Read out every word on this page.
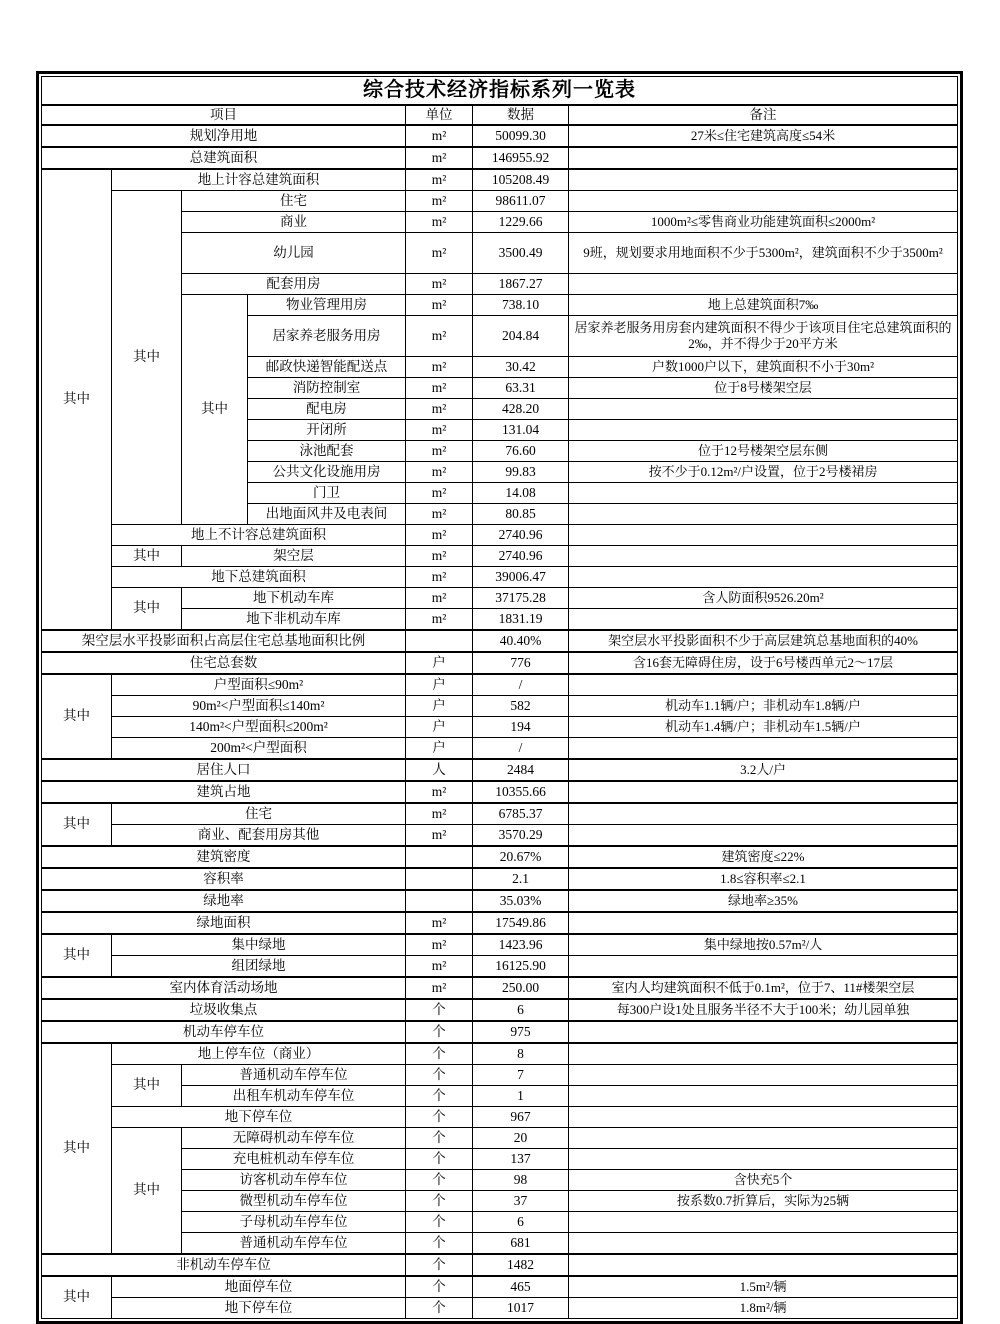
综合技术经济指标系列一览表						
项目				单位	数据	备注
规划净用地				m²	50099.30	27米≤住宅建筑高度≤54米
总建筑面积				m²	146955.92	
其中	地上计容总建筑面积			m²	105208.49	
	其中	住宅		m²	98611.07	
		商业		m²	1229.66	1000m²≤零售商业功能建筑面积≤2000m²
		幼儿园		m²	3500.49	9班，规划要求用地面积不少于5300m²，建筑面积不少于3500m²
		配套用房		m²	1867.27	
		其中	物业管理用房	m²	738.10	地上总建筑面积7‰
			居家养老服务用房	m²	204.84	居家养老服务用房套内建筑面积不得少于该项目住宅总建筑面积的2‰，并不得少于20平方米
			邮政快递智能配送点	m²	30.42	户数1000户以下，建筑面积不小于30m²
			消防控制室	m²	63.31	位于8号楼架空层
			配电房	m²	428.20	
			开闭所	m²	131.04	
			泳池配套	m²	76.60	位于12号楼架空层东侧
			公共文化设施用房	m²	99.83	按不少于0.12m²/户设置，位于2号楼裙房
			门卫	m²	14.08	
			出地面风井及电表间	m²	80.85	
	地上不计容总建筑面积			m²	2740.96	
	其中	架空层		m²	2740.96	
	地下总建筑面积			m²	39006.47	
	其中	地下机动车库		m²	37175.28	含人防面积9526.20m²
		地下非机动车库		m²	1831.19	
架空层水平投影面积占高层住宅总基地面积比例					40.40%	架空层水平投影面积不少于高层建筑总基地面积的40%
住宅总套数				户	776	含16套无障碍住房，设于6号楼西单元2～17层
其中	户型面积≤90m²			户	/	
	90m²<户型面积≤140m²			户	582	机动车1.1辆/户；非机动车1.8辆/户
	140m²<户型面积≤200m²			户	194	机动车1.4辆/户；非机动车1.5辆/户
	200m²<户型面积			户	/	
居住人口				人	2484	3.2人/户
建筑占地				m²	10355.66	
其中	住宅			m²	6785.37	
	商业、配套用房其他			m²	3570.29	
建筑密度					20.67%	建筑密度≤22%
容积率					2.1	1.8≤容积率≤2.1
绿地率					35.03%	绿地率≥35%
绿地面积				m²	17549.86	
其中	集中绿地			m²	1423.96	集中绿地按0.57m²/人
	组团绿地			m²	16125.90	
室内体育活动场地				m²	250.00	室内人均建筑面积不低于0.1m²，位于7、11#楼架空层
垃圾收集点				个	6	每300户设1处且服务半径不大于100米；幼儿园单独
机动车停车位				个	975	
其中	地上停车位（商业）			个	8	
	其中	普通机动车停车位		个	7	
		出租车机动车停车位		个	1	
	地下停车位			个	967	
	其中	无障碍机动车停车位		个	20	
		充电桩机动车停车位		个	137	
		访客机动车停车位		个	98	含快充5个
		微型机动车停车位		个	37	按系数0.7折算后，实际为25辆
		子母机动车停车位		个	6	
		普通机动车停车位		个	681	
非机动车停车位				个	1482	
其中	地面停车位			个	465	1.5m²/辆
	地下停车位			个	1017	1.8m²/辆
